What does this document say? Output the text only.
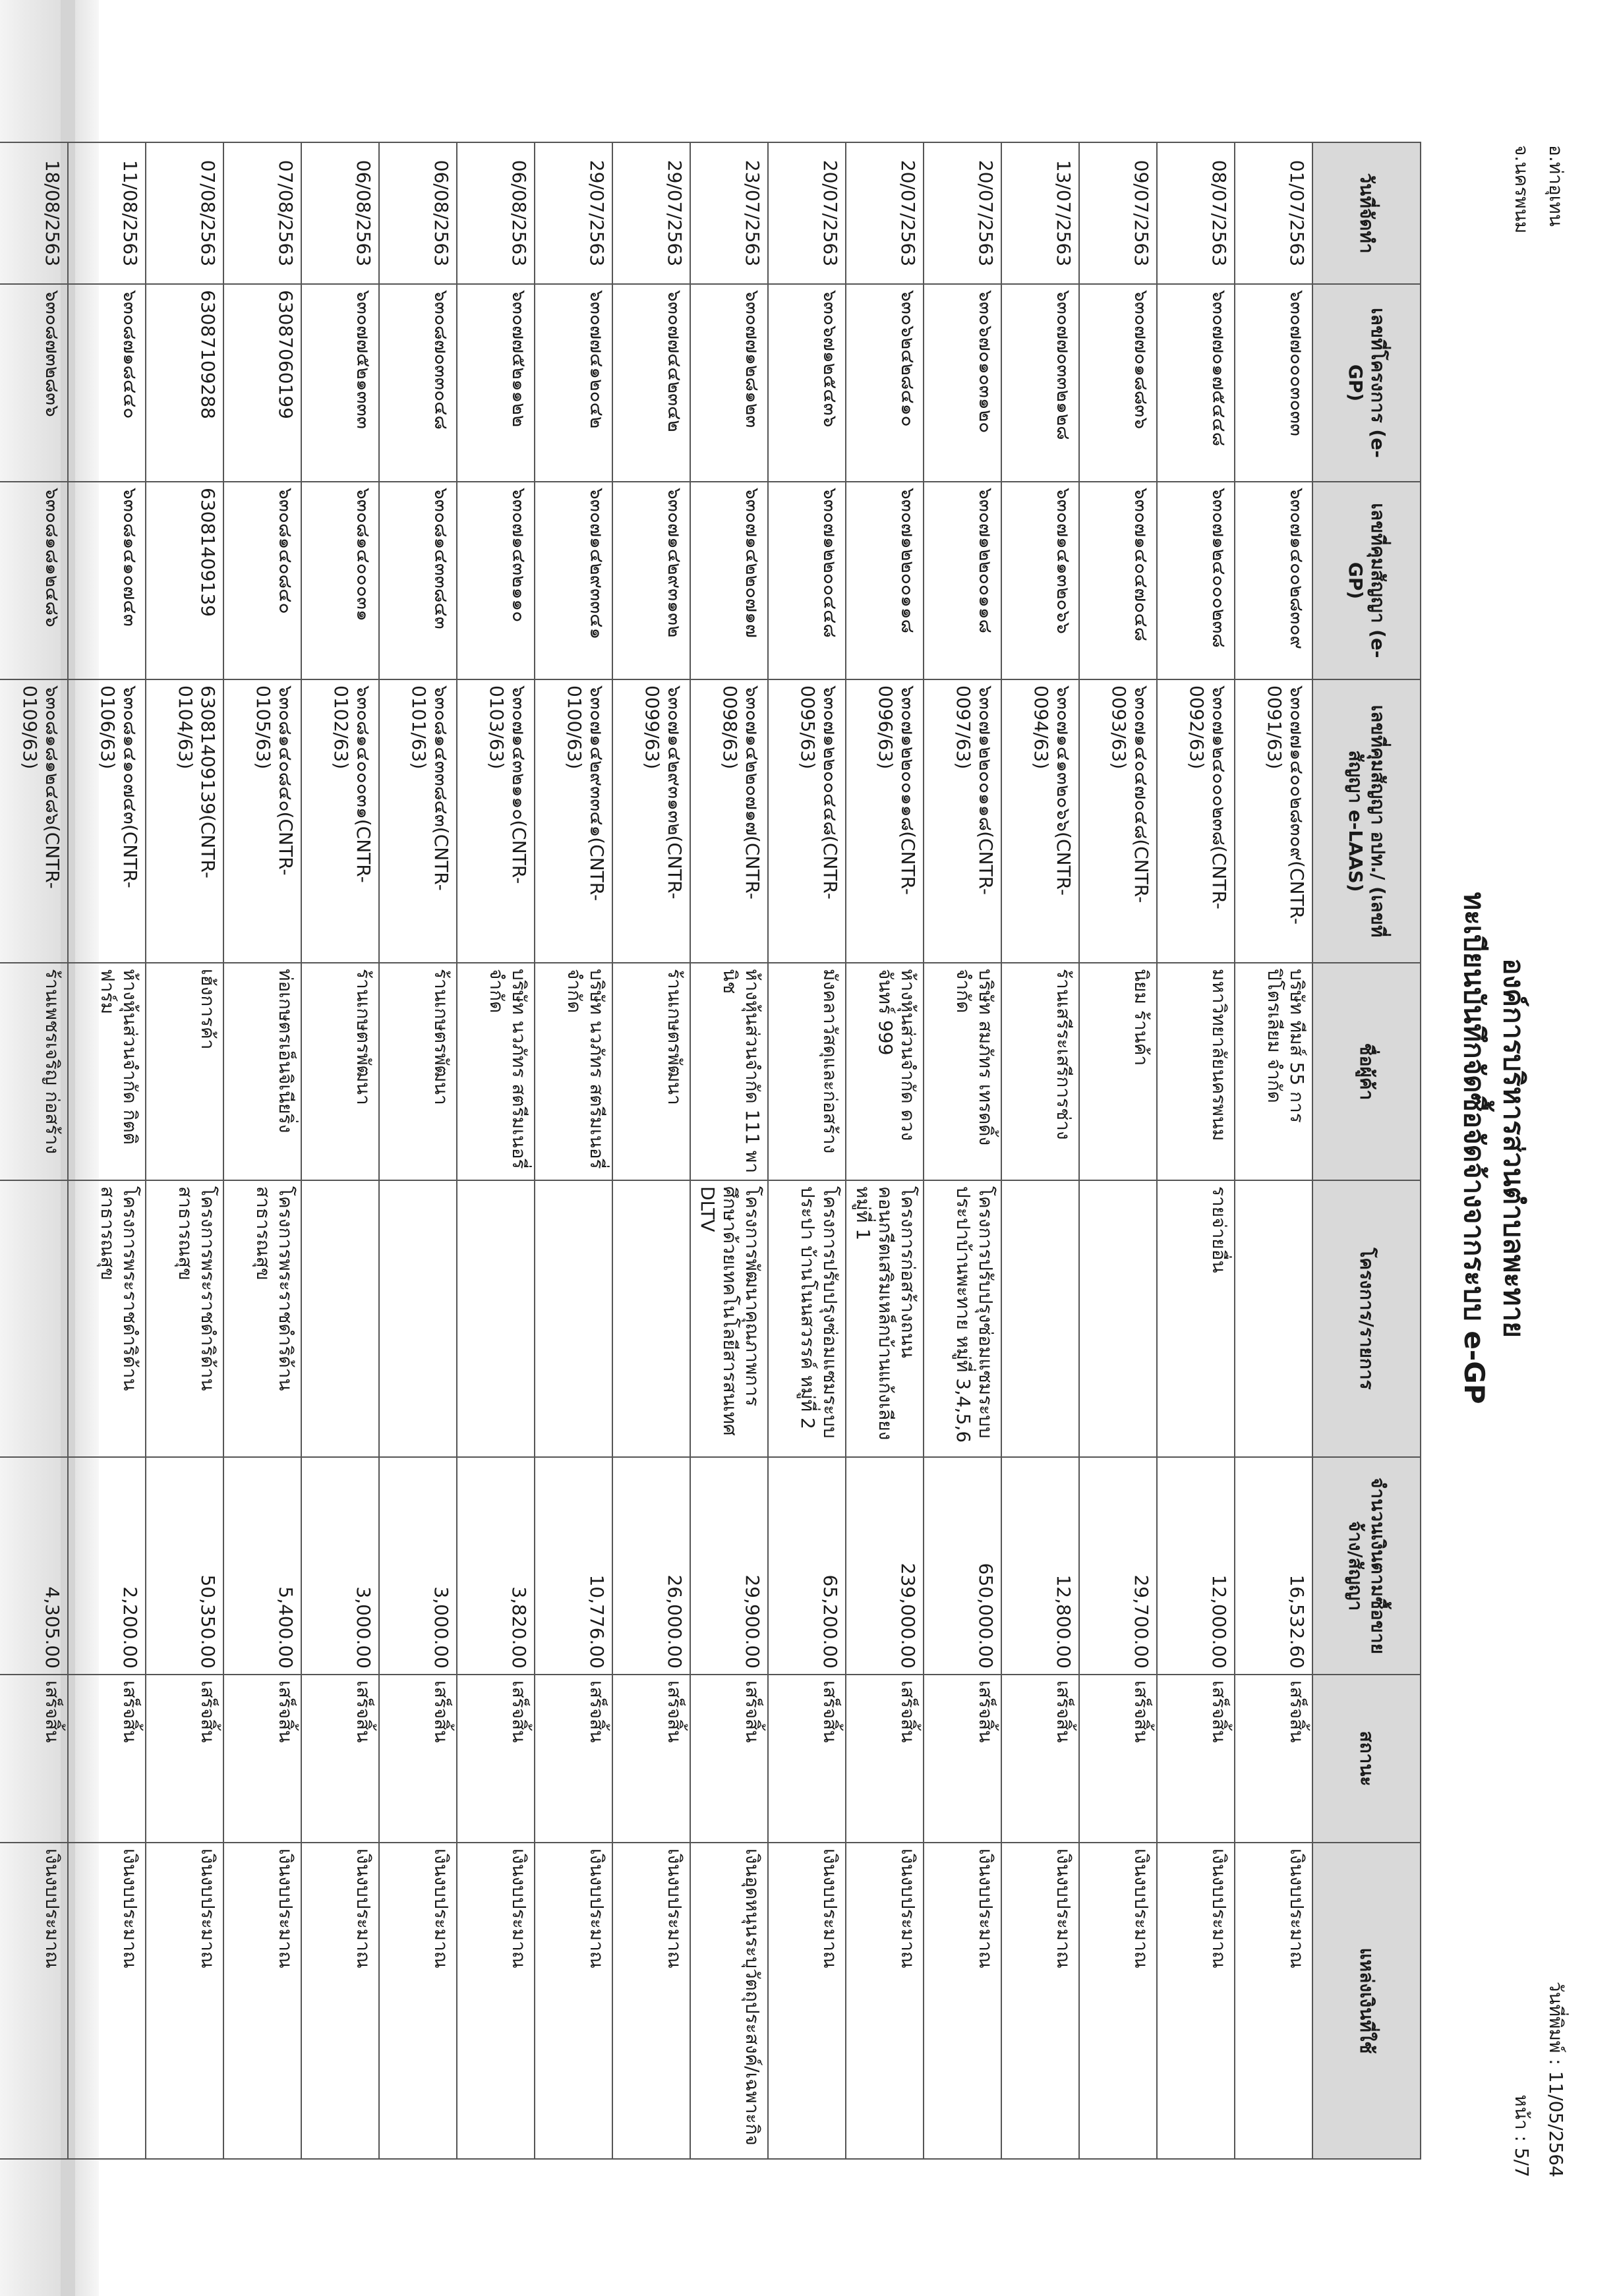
อ.ท่าอุเทน
จ.นครพนม
วันที่พิมพ์ : 11/05/2564
หน้า : 5/7
องค์การบริหารส่วนตำบลพะทาย
ทะเบียนบันทึกจัดซื้อจัดจ้างจากระบบ e-GP
วันที่จัดทำ	เลขที่โครงการ (e-GP)	เลขที่คุมสัญญา (e-GP)	เลขที่คุมสัญญา อปท./ (เลขที่สัญญา e-LAAS)	ชื่อผู้ค้า	โครงการ/รายการ	จำนวนเงินตามซื้อขาย จ้าง/สัญญา	สถานะ	แหล่งเงินที่ใช้
01/07/2563	๖๓๐๗๗๐๐๐๓๐๓๓	๖๓๐๗๑๔๐๐๒๘๓๐๙	๖๓๐๗๗๑๔๐๐๒๘๓๐๙(CNTR-0091/63)	บริษัท ทีมส์ 55 การ ปิโตรเลียม จำกัด		16,532.60	เสร็จสิ้น	เงินงบประมาณ
08/07/2563	๖๓๐๗๗๐๑๗๕๔๔๘	๖๓๐๗๑๒๔๐๐๐๒๓๘	๖๓๐๗๑๒๔๐๐๐๒๓๘(CNTR-0092/63)	มหาวิทยาลัยนครพนม	รายจ่ายอื่น	12,000.00	เสร็จสิ้น	เงินงบประมาณ
09/07/2563	๖๓๐๗๗๐๑๘๘๓๖	๖๓๐๗๑๔๐๔๗๐๔๘	๖๓๐๗๑๔๐๔๗๐๔๘(CNTR-0093/63)	นิยม ร้านค้า		29,700.00	เสร็จสิ้น	เงินงบประมาณ
13/07/2563	๖๓๐๗๗๐๓๓๒๑๒๘	๖๓๐๗๑๔๑๓๒๐๖๖	๖๓๐๗๑๔๑๓๒๐๖๖(CNTR-0094/63)	ร้านเสรีระเสรีการช่าง		12,800.00	เสร็จสิ้น	เงินงบประมาณ
20/07/2563	๖๓๐๖๗๐๑๐๓๑๒๐	๖๓๐๗๑๒๒๐๐๑๑๘	๖๓๐๗๑๒๒๐๐๑๑๘(CNTR-0097/63)	บริษัท สมภัทร เทรดดิ้ง จำกัด	โครงการปรับปรุงซ่อมแซมระบบประปาบ้านพะทาย หมู่ที่ 3,4,5,6	650,000.00	เสร็จสิ้น	เงินงบประมาณ
20/07/2563	๖๓๐๖๒๔๒๘๔๑๐	๖๓๐๗๑๒๒๐๐๑๑๘	๖๓๐๗๑๒๒๐๐๑๑๘(CNTR-0096/63)	ห้างหุ้นส่วนจำกัด ดวงจันทร์ 999	โครงการก่อสร้างถนนคอนกรีตเสริมเหล็กบ้านแก้งเลียง หมู่ที่ 1	239,000.00	เสร็จสิ้น	เงินงบประมาณ
20/07/2563	๖๓๐๖๗๑๒๕๔๓๖	๖๓๐๗๑๒๒๐๐๔๔๘	๖๓๐๗๑๒๒๐๐๔๔๘(CNTR-0095/63)	มังคลาวัสดุและก่อสร้าง	โครงการปรับปรุงซ่อมแซมระบบประปา บ้านโนนสวรรค์ หมู่ที่ 2	65,200.00	เสร็จสิ้น	เงินงบประมาณ
23/07/2563	๖๓๐๗๗๑๒๘๑๒๓	๖๓๐๗๑๔๒๒๐๗๑๗	๖๓๐๗๑๔๒๒๐๗๑๗(CNTR-0098/63)	ห้างหุ้นส่วนจำกัด 111 พานิช	โครงการพัฒนาคุณภาพการศึกษาด้วยเทคโนโลยีสารสนเทศ DLTV	29,900.00	เสร็จสิ้น	เงินอุดหนุนระบุวัตถุประสงค์/เฉพาะกิจ
29/07/2563	๖๓๐๗๗๔๔๒๓๔๒	๖๓๐๗๑๔๒๙๓๑๓๒	๖๓๐๗๑๔๒๙๓๑๓๒(CNTR-0099/63)	ร้านเกษตรพัฒนา		26,000.00	เสร็จสิ้น	เงินงบประมาณ
29/07/2563	๖๓๐๗๗๔๑๒๐๔๒	๖๓๐๗๑๔๒๙๓๓๔๑	๖๓๐๗๑๔๒๙๓๓๔๑(CNTR-0100/63)	บริษัท นวภัทร สตรีมเนอรี่ จำกัด		10,776.00	เสร็จสิ้น	เงินงบประมาณ
06/08/2563	๖๓๐๗๗๕๒๑๑๒๒	๖๓๐๗๑๔๓๒๑๑๐	๖๓๐๗๑๔๓๒๑๑๐(CNTR-0103/63)	บริษัท นวภัทร สตรีมเนอรี่ จำกัด		3,820.00	เสร็จสิ้น	เงินงบประมาณ
06/08/2563	๖๓๐๘๗๐๓๓๐๔๘	๖๓๐๘๑๔๓๓๘๔๓	๖๓๐๘๑๔๓๓๘๔๓(CNTR-0101/63)	ร้านเกษตรพัฒนา		3,000.00	เสร็จสิ้น	เงินงบประมาณ
06/08/2563	๖๓๐๗๗๕๒๑๓๓๓	๖๓๐๘๑๔๐๐๐๓๑	๖๓๐๘๑๔๐๐๐๓๑(CNTR-0102/63)	ร้านเกษตรพัฒนา		3,000.00	เสร็จสิ้น	เงินงบประมาณ
07/08/2563	63087060199	๖๓๐๘๑๔๐๘๔๐	๖๓๐๘๑๔๐๘๔๐(CNTR-0105/63)	ท่อเกษตรเอ็นจิเนียริ่ง	โครงการพระราชดำริด้านสาธารณสุข	5,400.00	เสร็จสิ้น	เงินงบประมาณ
07/08/2563	63087109288	63081409139	63081409139(CNTR-0104/63)	เฮ้งการค้า	โครงการพระราชดำริด้านสาธารณสุข	50,350.00	เสร็จสิ้น	เงินงบประมาณ
11/08/2563	๖๓๐๘๗๑๘๔๔๐	๖๓๐๘๑๔๑๐๗๔๓	๖๓๐๘๑๔๑๐๗๔๓(CNTR-0106/63)	ห้างหุ้นส่วนจำกัด กิตติฟาร์ม	โครงการพระราชดำริด้านสาธารณสุข	2,200.00	เสร็จสิ้น	เงินงบประมาณ
18/08/2563	๖๓๐๘๗๓๒๘๓๖	๖๓๐๘๑๘๑๒๔๘๖	๖๓๐๘๑๘๑๒๔๘๖(CNTR-0109/63)	ร้านเพชรเจริญ ก่อสร้าง		4,305.00	เสร็จสิ้น	เงินงบประมาณ
